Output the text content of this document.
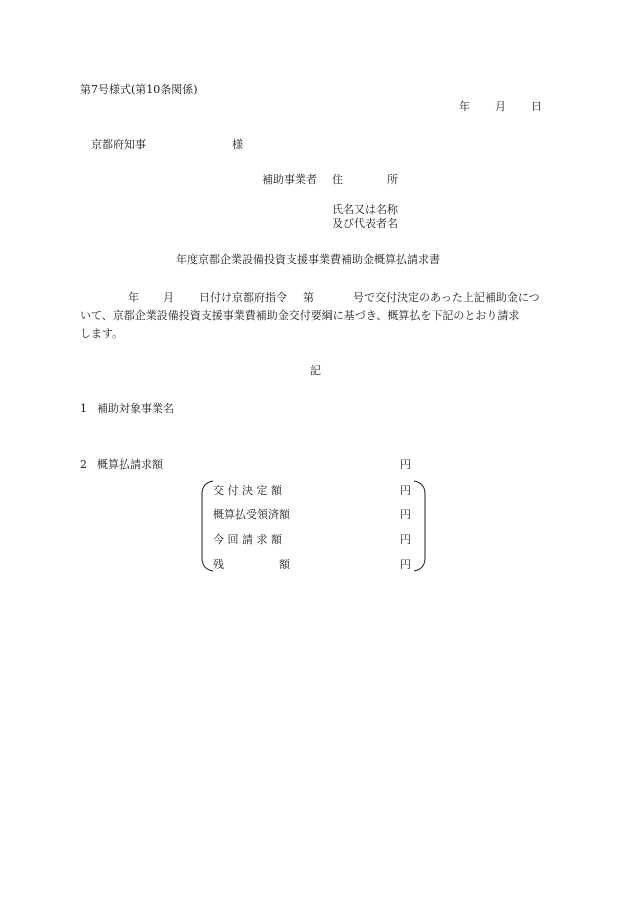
第7号様式(第10条関係)
年 月 日
京都府知事	様
補助事業者 住　　　　所
氏名又は名称
及び代表者名
年度京都企業設備投資支援事業費補助金概算払請求書
年 月 日付け京都府指令 第	号で交付決定のあった上記補助金につ
いて、京都企業設備投資支援事業費補助金交付要綱に基づき、概算払を下記のとおり請求
します。
記
1 補助対象事業名
2 概算払請求額	円
交 付 決 定 額	円
概算払受領済額	円
今 回 請 求 額	円
残　　　　　額	円
